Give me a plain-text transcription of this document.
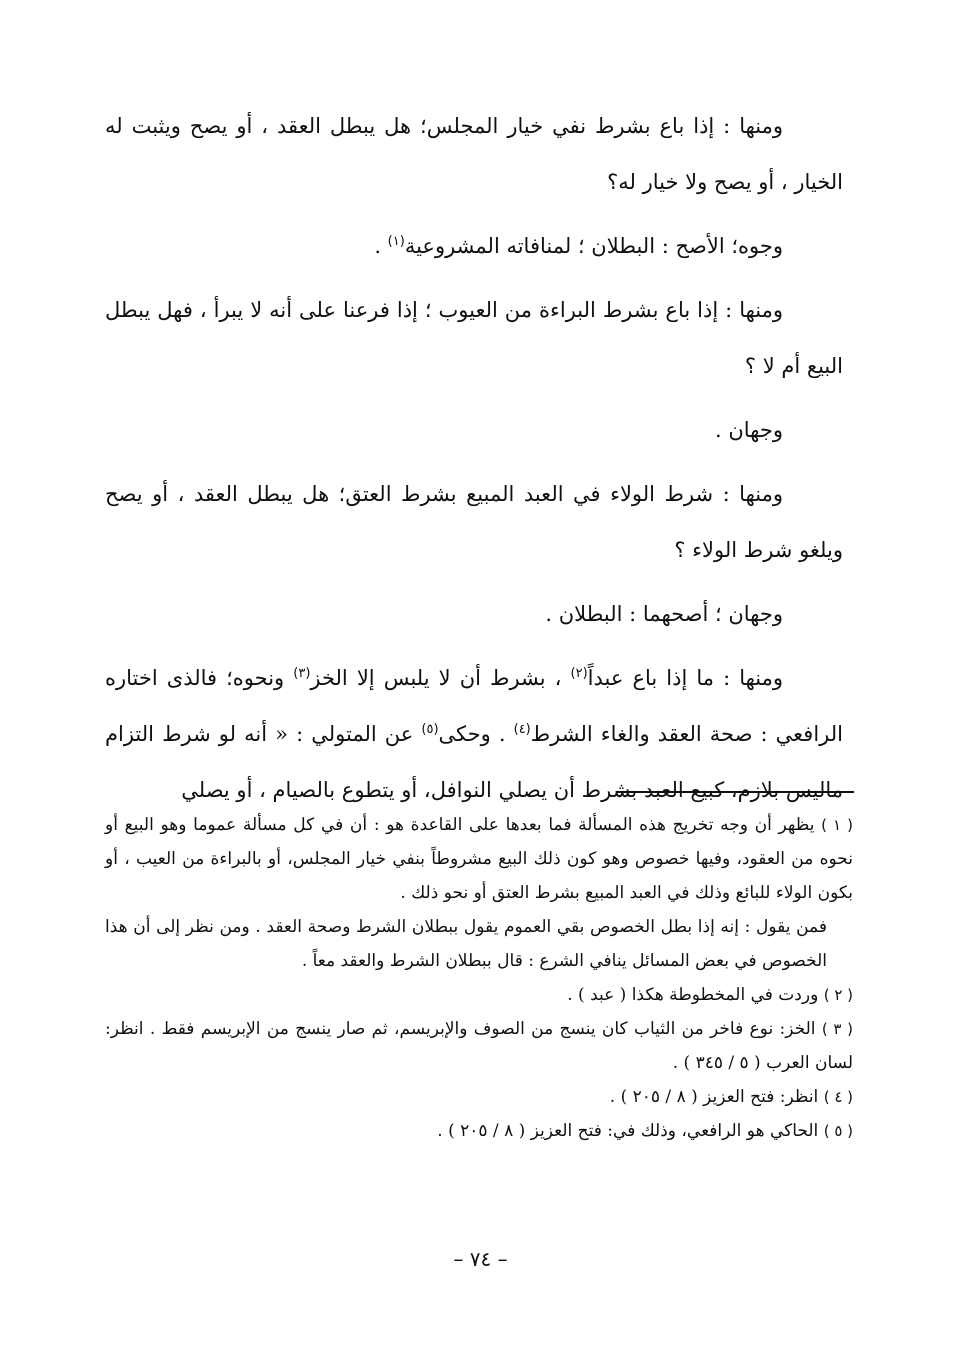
ومنها : إذا باع بشرط نفي خيار المجلس؛ هل يبطل العقد ، أو يصح ويثبت له الخيار ، أو يصح ولا خيار له؟

وجوه؛ الأصح : البطلان ؛ لمنافاته المشروعية$^{(١)}$ .

ومنها : إذا باع بشرط البراءة من العيوب ؛ إذا فرعنا على أنه لا يبرأ ، فهل يبطل البيع أم لا ؟

وجهان .

ومنها : شرط الولاء في العبد المبيع بشرط العتق؛ هل يبطل العقد ، أو يصح ويلغو شرط الولاء ؟

وجهان ؛ أصحهما : البطلان .

ومنها : ما إذا باع عبداً$^{(٢)}$ ، بشرط أن لا يلبس إلا الخز$^{(٣)}$ ونحوه؛ فالذى اختاره الرافعي : صحة العقد والغاء الشرط$^{(٤)}$ . وحكى$^{(٥)}$ عن المتولي : « أنه لو شرط التزام ماليس بلازم، كبيع العبد بشرط أن يصلي النوافل، أو يتطوع بالصيام ، أو يصلي

( ١ ) يظهر أن وجه تخريج هذه المسألة فما بعدها على القاعدة هو : أن في كل مسألة عموما وهو البيع أو نحوه من العقود، وفيها خصوص وهو كون ذلك البيع مشروطاً بنفي خيار المجلس، أو بالبراءة من العيب ، أو بكون الولاء للبائع وذلك في العبد المبيع بشرط العتق أو نحو ذلك .

فمن يقول : إنه إذا بطل الخصوص بقي العموم يقول ببطلان الشرط وصحة العقد . ومن نظر إلى أن هذا الخصوص في بعض المسائل ينافي الشرع : قال ببطلان الشرط والعقد معاً .

( ٢ ) وردت في المخطوطة هكذا ( عبد ) .

( ٣ ) الخز: نوع فاخر من الثياب كان ينسج من الصوف والإبريسم، ثم صار ينسج من الإبريسم فقط . انظر: لسان العرب ( ٥ / ٣٤٥ ) .

( ٤ ) انظر: فتح العزيز ( ٨ / ٢٠٥ ) .

( ٥ ) الحاكي هو الرافعي، وذلك في: فتح العزيز ( ٨ / ٢٠٥ ) .

– ٧٤ –
